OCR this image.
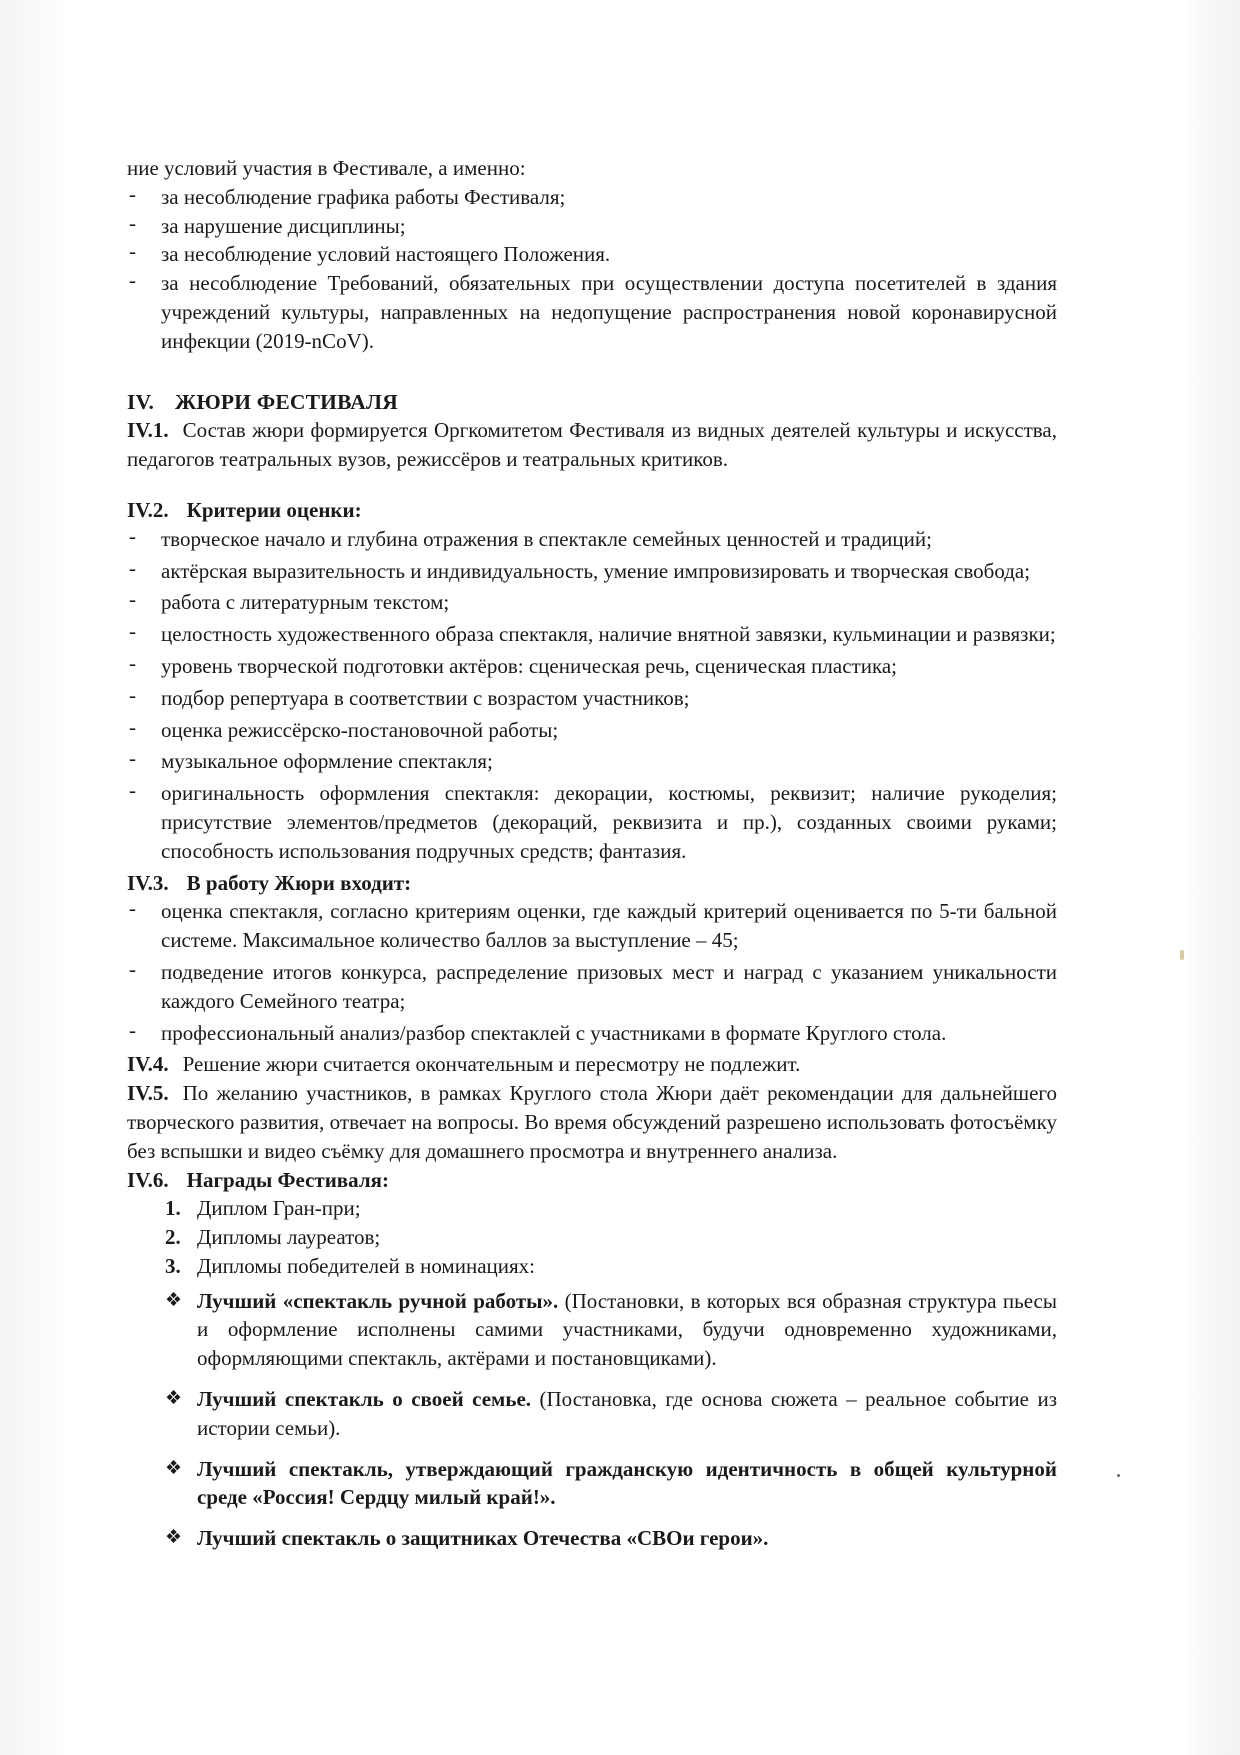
ние условий участия в Фестивале, а именно:

- за несоблюдение графика работы Фестиваля;
- за нарушение дисциплины;
- за несоблюдение условий настоящего Положения.
- за несоблюдение Требований, обязательных при осуществлении доступа посетителей в здания учреждений культуры, направленных на недопущение распространения новой коронавирусной инфекции (2019-nCoV).
IV. ЖЮРИ ФЕСТИВАЛЯ

IV.1. Состав жюри формируется Оргкомитетом Фестиваля из видных деятелей культуры и искусства, педагогов театральных вузов, режиссёров и театральных критиков.

IV.2. Критерии оценки:

- творческое начало и глубина отражения в спектакле семейных ценностей и традиций;
- актёрская выразительность и индивидуальность, умение импровизировать и творческая свобода;
- работа с литературным текстом;
- целостность художественного образа спектакля, наличие внятной завязки, кульминации и развязки;
- уровень творческой подготовки актёров: сценическая речь, сценическая пластика;
- подбор репертуара в соответствии с возрастом участников;
- оценка режиссёрско-постановочной работы;
- музыкальное оформление спектакля;
- оригинальность оформления спектакля: декорации, костюмы, реквизит; наличие рукоделия; присутствие элементов/предметов (декораций, реквизита и пр.), созданных своими руками; способность использования подручных средств; фантазия.

IV.3. В работу Жюри входит:

- оценка спектакля, согласно критериям оценки, где каждый критерий оценивается по 5-ти бальной системе. Максимальное количество баллов за выступление – 45;
- подведение итогов конкурса, распределение призовых мест и наград с указанием уникальности каждого Семейного театра;
- профессиональный анализ/разбор спектаклей с участниками в формате Круглого стола.

IV.4. Решение жюри считается окончательным и пересмотру не подлежит.

IV.5. По желанию участников, в рамках Круглого стола Жюри даёт рекомендации для дальнейшего творческого развития, отвечает на вопросы. Во время обсуждений разрешено использовать фотосъёмку без вспышки и видео съёмку для домашнего просмотра и внутреннего анализа.

IV.6. Награды Фестиваля:

1. Диплом Гран-при;
2. Дипломы лауреатов;
3. Дипломы победителей в номинациях:
❖ Лучший «спектакль ручной работы». (Постановки, в которых вся образная структура пьесы и оформление исполнены самими участниками, будучи одновременно художниками, оформляющими спектакль, актёрами и постановщиками).
❖ Лучший спектакль о своей семье. (Постановка, где основа сюжета – реальное событие из истории семьи).
❖ Лучший спектакль, утверждающий гражданскую идентичность в общей культурной среде «Россия! Сердцу милый край!».
❖ Лучший спектакль о защитниках Отечества «СВОи герои».
